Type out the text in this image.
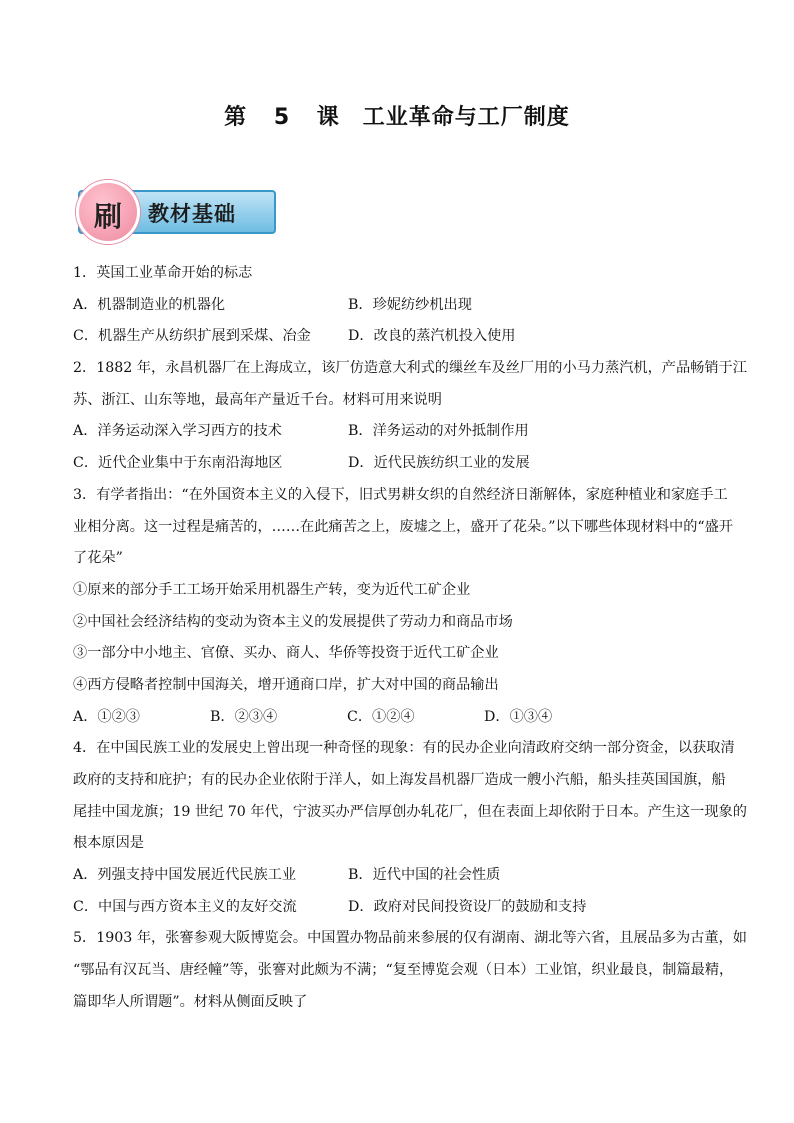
第 5 课　工业革命与工厂制度
教材基础
刷
1．英国工业革命开始的标志
A．机器制造业的机器化	B．珍妮纺纱机出现
C．机器生产从纺织扩展到采煤、冶金	D．改良的蒸汽机投入使用
2．1882 年，永昌机器厂在上海成立，该厂仿造意大利式的缫丝车及丝厂用的小马力蒸汽机，产品畅销于江
苏、浙江、山东等地，最高年产量近千台。材料可用来说明
A．洋务运动深入学习西方的技术	B．洋务运动的对外抵制作用
C．近代企业集中于东南沿海地区	D．近代民族纺织工业的发展
3．有学者指出：“在外国资本主义的入侵下，旧式男耕女织的自然经济日渐解体，家庭种植业和家庭手工
业相分离。这一过程是痛苦的，……在此痛苦之上，废墟之上，盛开了花朵。”以下哪些体现材料中的“盛开
了花朵”
①原来的部分手工工场开始采用机器生产转，变为近代工矿企业
②中国社会经济结构的变动为资本主义的发展提供了劳动力和商品市场
③一部分中小地主、官僚、买办、商人、华侨等投资于近代工矿企业
④西方侵略者控制中国海关，增开通商口岸，扩大对中国的商品输出
A．①②③	B．②③④	C．①②④	D．①③④
4．在中国民族工业的发展史上曾出现一种奇怪的现象：有的民办企业向清政府交纳一部分资金，以获取清
政府的支持和庇护；有的民办企业依附于洋人，如上海发昌机器厂造成一艘小汽船，船头挂英国国旗，船
尾挂中国龙旗；19 世纪 70 年代，宁波买办严信厚创办轧花厂，但在表面上却依附于日本。产生这一现象的
根本原因是
A．列强支持中国发展近代民族工业	B．近代中国的社会性质
C．中国与西方资本主义的友好交流	D．政府对民间投资设厂的鼓励和支持
5．1903 年，张謇参观大阪博览会。中国置办物品前来参展的仅有湖南、湖北等六省，且展品多为古董，如
“鄂品有汉瓦当、唐经幢”等，张謇对此颇为不满；“复至博览会观（日本）工业馆，织业最良，制篇最精，
篇即华人所谓题”。材料从侧面反映了
